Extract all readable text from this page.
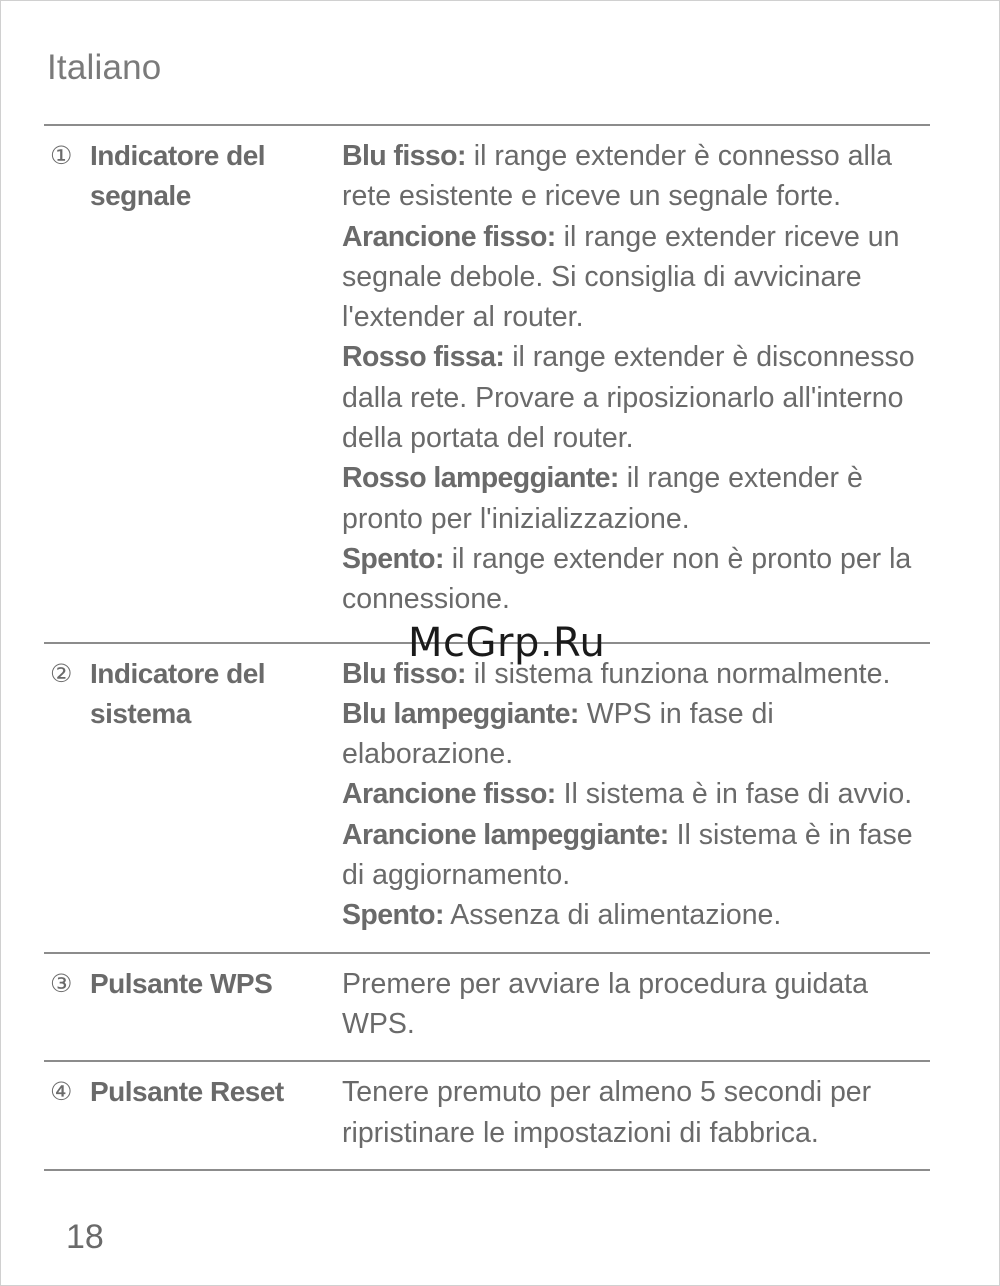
Italiano
① Indicatore del segnale
Blu fisso: il range extender è connesso alla rete esistente e riceve un segnale forte.
Arancione fisso: il range extender riceve un segnale debole. Si consiglia di avvicinare l'extender al router.
Rosso fissa: il range extender è disconnesso dalla rete. Provare a riposizionarlo all'interno della portata del router.
Rosso lampeggiante: il range extender è pronto per l'inizializzazione.
Spento: il range extender non è pronto per la connessione.
② Indicatore del sistema
Blu fisso: il sistema funziona normalmente.
Blu lampeggiante: WPS in fase di elaborazione.
Arancione fisso: Il sistema è in fase di avvio.
Arancione lampeggiante: Il sistema è in fase di aggiornamento.
Spento: Assenza di alimentazione.
③ Pulsante WPS	Premere per avviare la procedura guidata WPS.
④ Pulsante Reset	Tenere premuto per almeno 5 secondi per ripristinare le impostazioni di fabbrica.
McGrp.Ru
18
